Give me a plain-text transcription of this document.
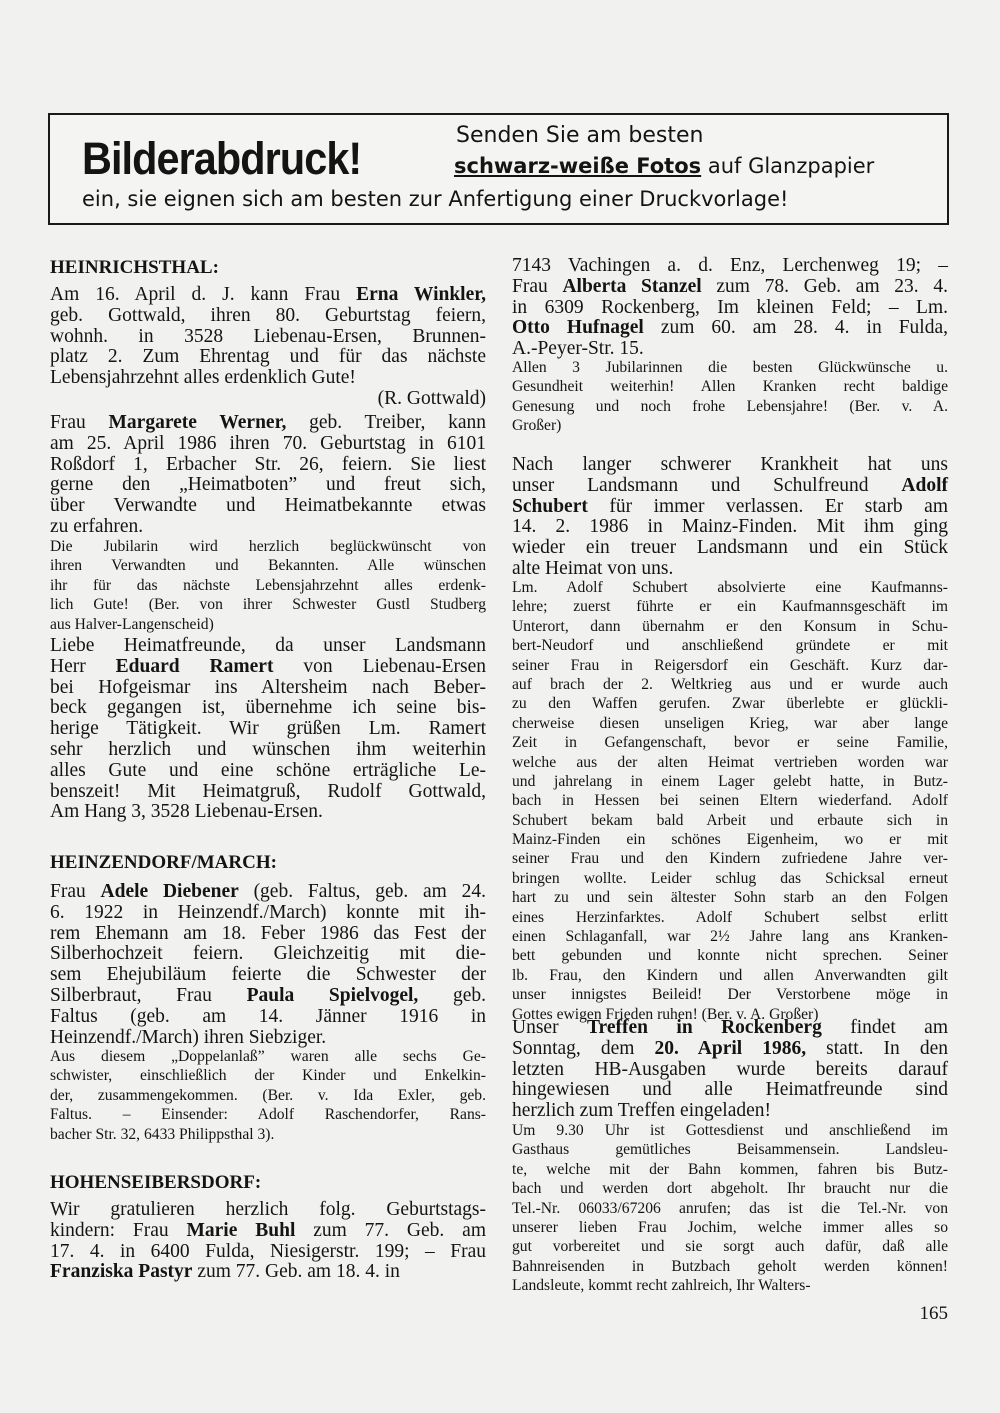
Bilderabdruck!	Senden Sie am besten
schwarz-weiße Fotos auf Glanzpapier
ein, sie eignen sich am besten zur Anfertigung einer Druckvorlage!
HEINRICHSTHAL:
Am 16. April d. J. kann Frau Erna Winkler,
geb. Gottwald, ihren 80. Geburtstag feiern,
wohnh. in 3528 Liebenau-Ersen, Brunnen-
platz 2. Zum Ehrentag und für das nächste
Lebensjahrzehnt alles erdenklich Gute!
(R. Gottwald)
Frau Margarete Werner, geb. Treiber, kann
am 25. April 1986 ihren 70. Geburtstag in 6101
Roßdorf 1, Erbacher Str. 26, feiern. Sie liest
gerne den „Heimatboten” und freut sich,
über Verwandte und Heimatbekannte etwas
zu erfahren.
Die Jubilarin wird herzlich beglückwünscht von
ihren Verwandten und Bekannten. Alle wünschen
ihr für das nächste Lebensjahrzehnt alles erdenk-
lich Gute! (Ber. von ihrer Schwester Gustl Studberg
aus Halver-Langenscheid)
Liebe Heimatfreunde, da unser Landsmann
Herr Eduard Ramert von Liebenau-Ersen
bei Hofgeismar ins Altersheim nach Beber-
beck gegangen ist, übernehme ich seine bis-
herige Tätigkeit. Wir grüßen Lm. Ramert
sehr herzlich und wünschen ihm weiterhin
alles Gute und eine schöne erträgliche Le-
benszeit! Mit Heimatgruß, Rudolf Gottwald,
Am Hang 3, 3528 Liebenau-Ersen.
HEINZENDORF/MARCH:
Frau Adele Diebener (geb. Faltus, geb. am 24.
6. 1922 in Heinzendf./March) konnte mit ih-
rem Ehemann am 18. Feber 1986 das Fest der
Silberhochzeit feiern. Gleichzeitig mit die-
sem Ehejubiläum feierte die Schwester der
Silberbraut, Frau Paula Spielvogel, geb.
Faltus (geb. am 14. Jänner 1916 in
Heinzendf./March) ihren Siebziger.
Aus diesem „Doppelanlaß” waren alle sechs Ge-
schwister, einschließlich der Kinder und Enkelkin-
der, zusammengekommen. (Ber. v. Ida Exler, geb.
Faltus. – Einsender: Adolf Raschendorfer, Rans-
bacher Str. 32, 6433 Philippsthal 3).
HOHENSEIBERSDORF:
Wir gratulieren herzlich folg. Geburtstags-
kindern: Frau Marie Buhl zum 77. Geb. am
17. 4. in 6400 Fulda, Niesigerstr. 199; – Frau
Franziska Pastyr zum 77. Geb. am 18. 4. in
7143 Vachingen a. d. Enz, Lerchenweg 19; –
Frau Alberta Stanzel zum 78. Geb. am 23. 4.
in 6309 Rockenberg, Im kleinen Feld; – Lm.
Otto Hufnagel zum 60. am 28. 4. in Fulda,
A.-Peyer-Str. 15.
Allen 3 Jubilarinnen die besten Glückwünsche u.
Gesundheit weiterhin! Allen Kranken recht baldige
Genesung und noch frohe Lebensjahre! (Ber. v. A.
Großer)
Nach langer schwerer Krankheit hat uns
unser Landsmann und Schulfreund Adolf
Schubert für immer verlassen. Er starb am
14. 2. 1986 in Mainz-Finden. Mit ihm ging
wieder ein treuer Landsmann und ein Stück
alte Heimat von uns.
Lm. Adolf Schubert absolvierte eine Kaufmanns-
lehre; zuerst führte er ein Kaufmannsgeschäft im
Unterort, dann übernahm er den Konsum in Schu-
bert-Neudorf und anschließend gründete er mit
seiner Frau in Reigersdorf ein Geschäft. Kurz dar-
auf brach der 2. Weltkrieg aus und er wurde auch
zu den Waffen gerufen. Zwar überlebte er glückli-
cherweise diesen unseligen Krieg, war aber lange
Zeit in Gefangenschaft, bevor er seine Familie,
welche aus der alten Heimat vertrieben worden war
und jahrelang in einem Lager gelebt hatte, in Butz-
bach in Hessen bei seinen Eltern wiederfand. Adolf
Schubert bekam bald Arbeit und erbaute sich in
Mainz-Finden ein schönes Eigenheim, wo er mit
seiner Frau und den Kindern zufriedene Jahre ver-
bringen wollte. Leider schlug das Schicksal erneut
hart zu und sein ältester Sohn starb an den Folgen
eines Herzinfarktes. Adolf Schubert selbst erlitt
einen Schlaganfall, war 2½ Jahre lang ans Kranken-
bett gebunden und konnte nicht sprechen. Seiner
lb. Frau, den Kindern und allen Anverwandten gilt
unser innigstes Beileid! Der Verstorbene möge in
Gottes ewigen Frieden ruhen! (Ber. v. A. Großer)
Unser Treffen in Rockenberg findet am
Sonntag, dem 20. April 1986, statt. In den
letzten HB-Ausgaben wurde bereits darauf
hingewiesen und alle Heimatfreunde sind
herzlich zum Treffen eingeladen!
Um 9.30 Uhr ist Gottesdienst und anschließend im
Gasthaus gemütliches Beisammensein. Landsleu-
te, welche mit der Bahn kommen, fahren bis Butz-
bach und werden dort abgeholt. Ihr braucht nur die
Tel.-Nr. 06033/67206 anrufen; das ist die Tel.-Nr. von
unserer lieben Frau Jochim, welche immer alles so
gut vorbereitet und sie sorgt auch dafür, daß alle
Bahnreisenden in Butzbach geholt werden können!
Landsleute, kommt recht zahlreich, Ihr Walters-
165
